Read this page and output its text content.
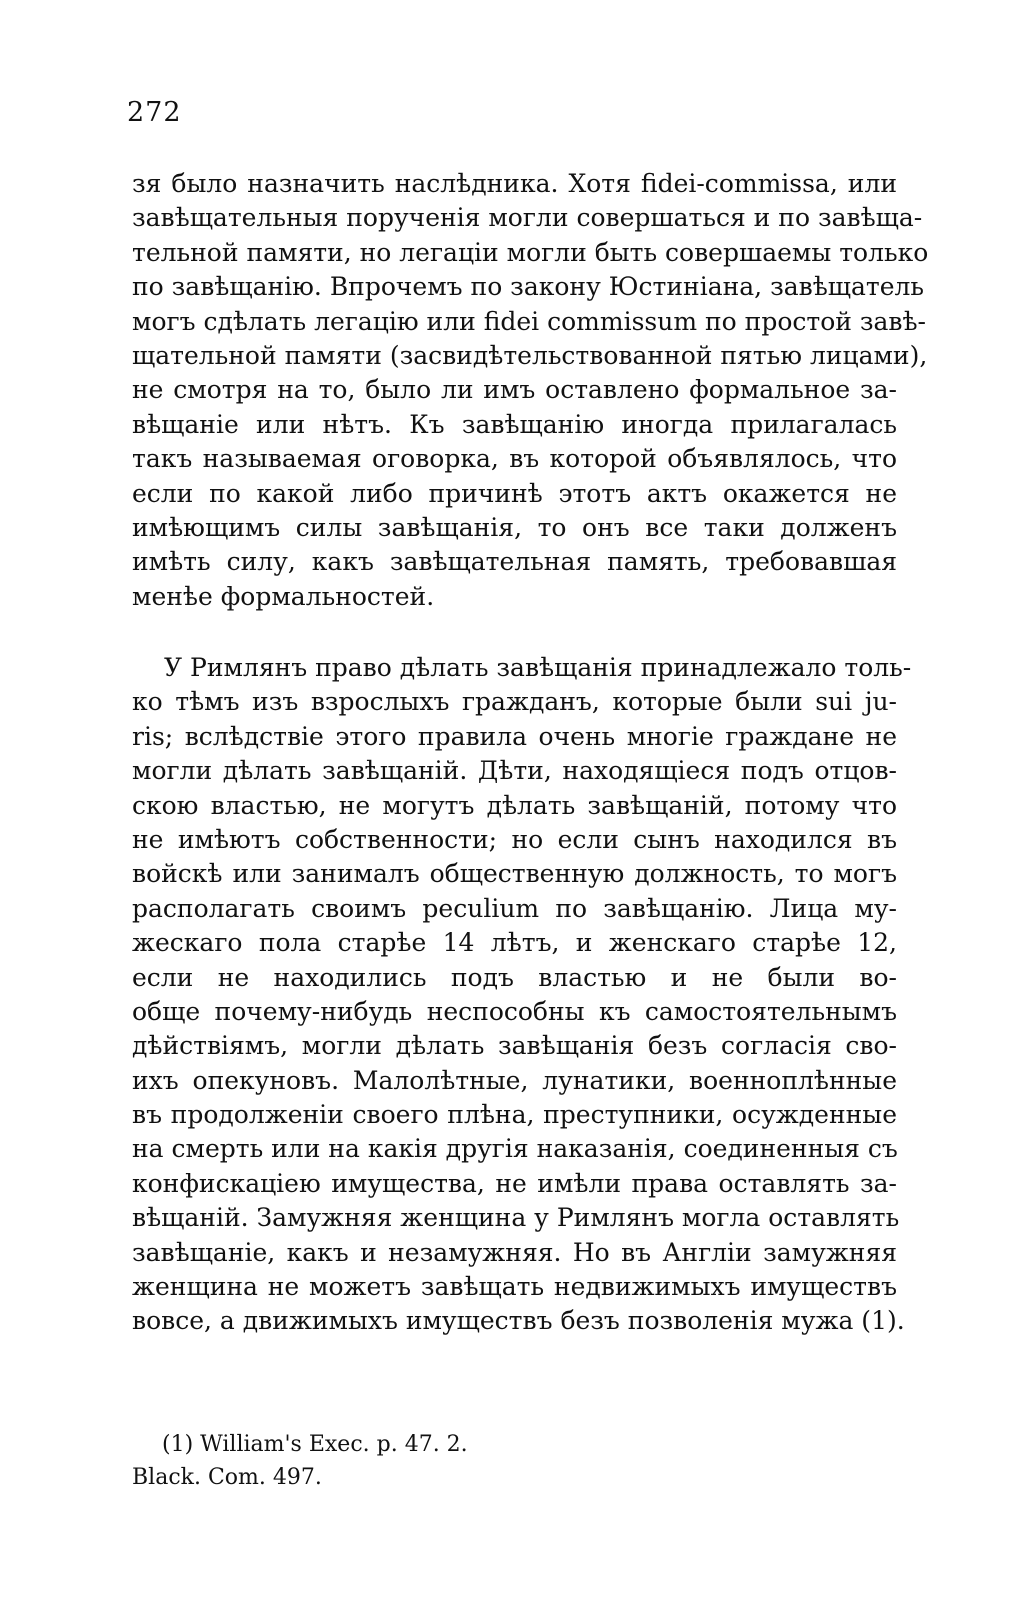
272
зя было назначить наслѣдника. Хотя fidei-commissa, или
завѣщательныя порученія могли совершаться и по завѣща-
тельной памяти, но легаціи могли быть совершаемы только
по завѣщанію. Впрочемъ по закону Юстиніана, завѣщатель
могъ сдѣлать легацію или fidei commissum по простой завѣ-
щательной памяти (засвидѣтельствованной пятью лицами),
не смотря на то, было ли имъ оставлено формальное за-
вѣщаніе или нѣтъ. Къ завѣщанію иногда прилагалась
такъ называемая оговорка, въ которой объявлялось, что
если по какой либо причинѣ этотъ актъ окажется не
имѣющимъ силы завѣщанія, то онъ все таки долженъ
имѣть силу, какъ завѣщательная память, требовавшая
менѣе формальностей.
У Римлянъ право дѣлать завѣщанія принадлежало толь-
ко тѣмъ изъ взрослыхъ гражданъ, которые были sui ju-
ris; вслѣдствіе этого правила очень многіе граждане не
могли дѣлать завѣщаній. Дѣти, находящіеся подъ отцов-
скою властью, не могутъ дѣлать завѣщаній, потому что
не имѣютъ собственности; но если сынъ находился въ
войскѣ или занималъ общественную должность, то могъ
располагать своимъ peculium по завѣщанію. Лица му-
жескаго пола старѣе 14 лѣтъ, и женскаго старѣе 12,
если не находились подъ властью и не были во-
обще почему-нибудь неспособны къ самостоятельнымъ
дѣйствіямъ, могли дѣлать завѣщанія безъ согласія сво-
ихъ опекуновъ. Малолѣтные, лунатики, военноплѣнные
въ продолженіи своего плѣна, преступники, осужденные
на смерть или на какія другія наказанія, соединенныя съ
конфискаціею имущества, не имѣли права оставлять за-
вѣщаній. Замужняя женщина у Римлянъ могла оставлять
завѣщаніе, какъ и незамужняя. Но въ Англіи замужняя
женщина не можетъ завѣщать недвижимыхъ имуществъ
вовсе, а движимыхъ имуществъ безъ позволенія мужа (1).
(1) William's Exec. p. 47. 2.
Black. Com. 497.
